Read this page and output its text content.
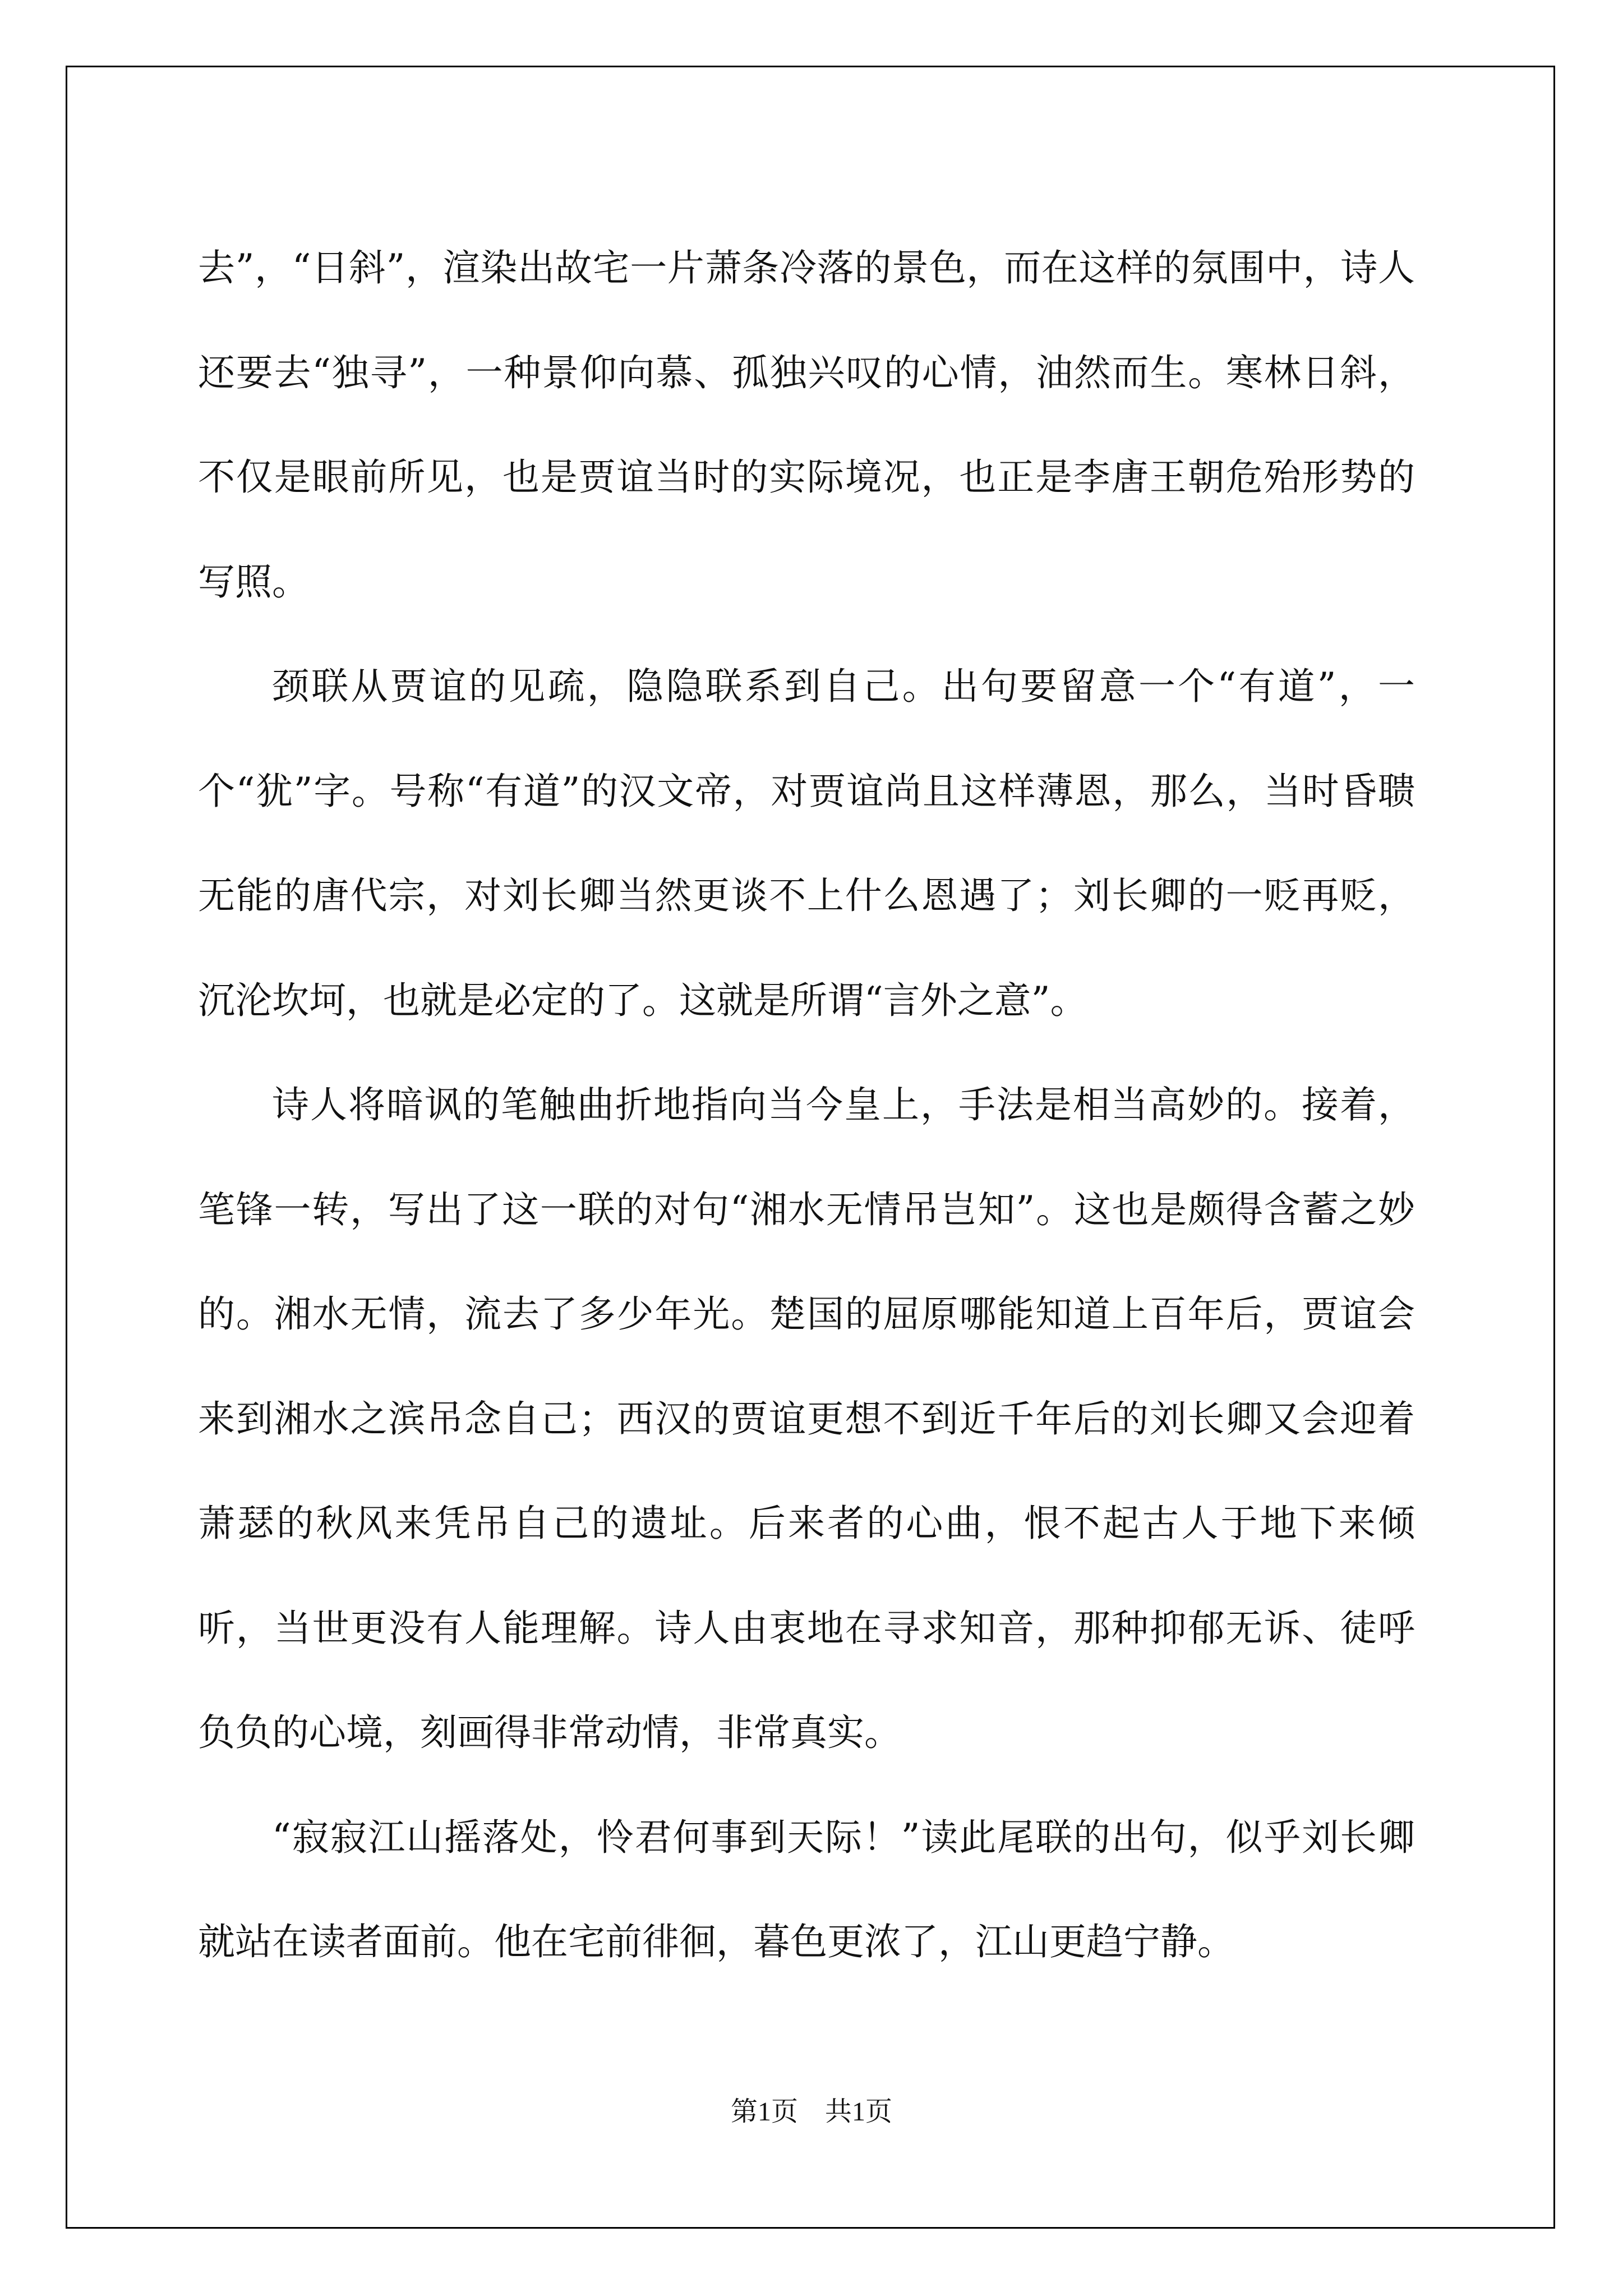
去”，“日斜”，渲染出故宅一片萧条冷落的景色，而在这样的氛围中，诗人还要去“独寻”，一种景仰向慕、孤独兴叹的心情，油然而生。寒林日斜，不仅是眼前所见，也是贾谊当时的实际境况，也正是李唐王朝危殆形势的写照。

颈联从贾谊的见疏，隐隐联系到自己。出句要留意一个“有道”，一个“犹”字。号称“有道”的汉文帝，对贾谊尚且这样薄恩，那么，当时昏聩无能的唐代宗，对刘长卿当然更谈不上什么恩遇了；刘长卿的一贬再贬，沉沦坎坷，也就是必定的了。这就是所谓“言外之意”。

诗人将暗讽的笔触曲折地指向当今皇上，手法是相当高妙的。接着，笔锋一转，写出了这一联的对句“湘水无情吊岂知”。这也是颇得含蓄之妙的。湘水无情，流去了多少年光。楚国的屈原哪能知道上百年后，贾谊会来到湘水之滨吊念自己；西汉的贾谊更想不到近千年后的刘长卿又会迎着萧瑟的秋风来凭吊自己的遗址。后来者的心曲，恨不起古人于地下来倾听，当世更没有人能理解。诗人由衷地在寻求知音，那种抑郁无诉、徒呼负负的心境，刻画得非常动情，非常真实。

“寂寂江山摇落处，怜君何事到天际！”读此尾联的出句，似乎刘长卿就站在读者面前。他在宅前徘徊，暮色更浓了，江山更趋宁静。

第1页　共1页
